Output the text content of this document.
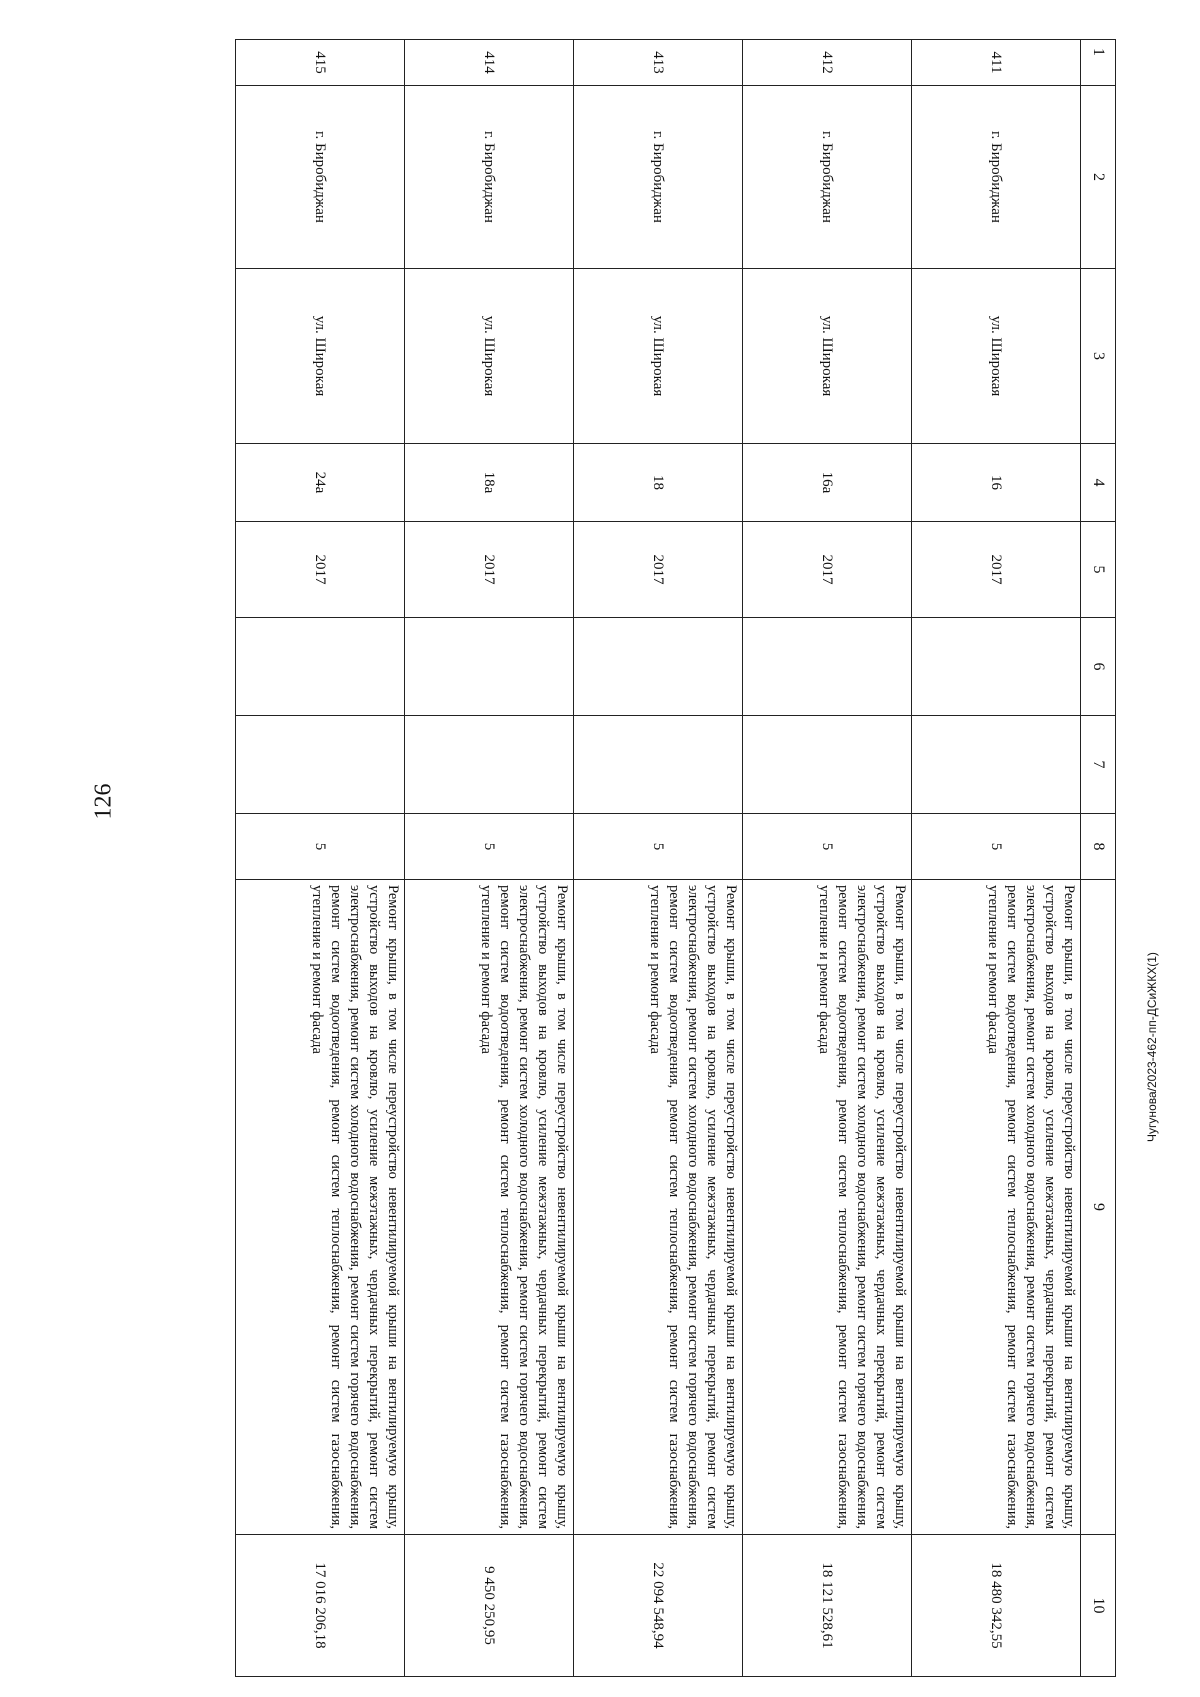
126
1	2	3	4	5	6	7	8	9	10
411	г. Биробиджан	ул. Широкая	16	2017			5	Ремонт крыши, в том числе переустройство невентилируемой крыши на вентилируемую крышу, устройство выходов на кровлю, усиление межэтажных, чердачных перекрытий, ремонт систем электроснабжения, ремонт систем холодного водоснабжения, ремонт систем горячего водоснабжения, ремонт систем водоотведения, ремонт систем теплоснабжения, ремонт систем газоснабжения, утепление и ремонт фасада	18 480 342,55
412	г. Биробиджан	ул. Широкая	16а	2017			5	Ремонт крыши, в том числе переустройство невентилируемой крыши на вентилируемую крышу, устройство выходов на кровлю, усиление межэтажных, чердачных перекрытий, ремонт систем электроснабжения, ремонт систем холодного водоснабжения, ремонт систем горячего водоснабжения, ремонт систем водоотведения, ремонт систем теплоснабжения, ремонт систем газоснабжения, утепление и ремонт фасада	18 121 528,61
413	г. Биробиджан	ул. Широкая	18	2017			5	Ремонт крыши, в том числе переустройство невентилируемой крыши на вентилируемую крышу, устройство выходов на кровлю, усиление межэтажных, чердачных перекрытий, ремонт систем электроснабжения, ремонт систем холодного водоснабжения, ремонт систем горячего водоснабжения, ремонт систем водоотведения, ремонт систем теплоснабжения, ремонт систем газоснабжения, утепление и ремонт фасада	22 094 548,94
414	г. Биробиджан	ул. Широкая	18а	2017			5	Ремонт крыши, в том числе переустройство невентилируемой крыши на вентилируемую крышу, устройство выходов на кровлю, усиление межэтажных, чердачных перекрытий, ремонт систем электроснабжения, ремонт систем холодного водоснабжения, ремонт систем горячего водоснабжения, ремонт систем водоотведения, ремонт систем теплоснабжения, ремонт систем газоснабжения, утепление и ремонт фасада	9 450 250,95
415	г. Биробиджан	ул. Широкая	24а	2017			5	Ремонт крыши, в том числе переустройство невентилируемой крыши на вентилируемую крышу, устройство выходов на кровлю, усиление межэтажных, чердачных перекрытий, ремонт систем электроснабжения, ремонт систем холодного водоснабжения, ремонт систем горячего водоснабжения, ремонт систем водоотведения, ремонт систем теплоснабжения, ремонт систем газоснабжения, утепление и ремонт фасада	17 016 206,18
Чугунова/2023-462-пп-ДСиЖКХ(1)
